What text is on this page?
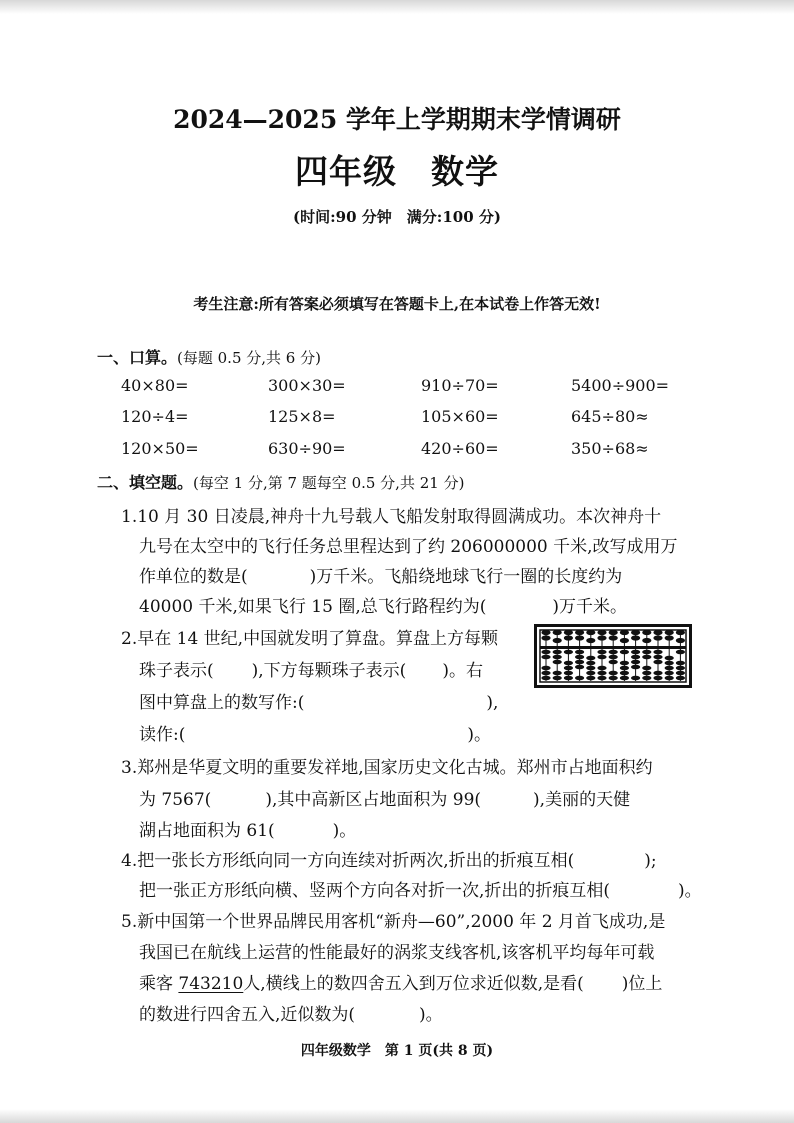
2024—2025 学年上学期期末学情调研
四年级 数学
(时间:90 分钟　满分:100 分)
考生注意:所有答案必须填写在答题卡上,在本试卷上作答无效!
一、口算。(每题 0.5 分,共 6 分)
40×80=	300×30=	910÷70=	5400÷900=
120÷4=	125×8=	105×60=	645÷80≈
120×50=	630÷90=	420÷60=	350÷68≈
二、填空题。(每空 1 分,第 7 题每空 0.5 分,共 21 分)
1.10 月 30 日凌晨,神舟十九号载人飞船发射取得圆满成功。本次神舟十
九号在太空中的飞行任务总里程达到了约 206000000 千米,改写成用万
作单位的数是(	)万千米。飞船绕地球飞行一圈的长度约为
40000 千米,如果飞行 15 圈,总飞行路程约为(	)万千米。
2.早在 14 世纪,中国就发明了算盘。算盘上方每颗
珠子表示( ),下方每颗珠子表示( )。右
图中算盘上的数写作:(	),
读作:(	)。
3.郑州是华夏文明的重要发祥地,国家历史文化古城。郑州市占地面积约
为 7567(	),其中高新区占地面积为 99(	),美丽的天健
湖占地面积为 61(	)。
4.把一张长方形纸向同一方向连续对折两次,折出的折痕互相(	);
把一张正方形纸向横、竖两个方向各对折一次,折出的折痕互相(	)。
5.新中国第一个世界品牌民用客机“新舟—60”,2000 年 2 月首飞成功,是
我国已在航线上运营的性能最好的涡浆支线客机,该客机平均每年可载
乘客 743210人,横线上的数四舍五入到万位求近似数,是看( )位上
的数进行四舍五入,近似数为(	)。
四年级数学　第 1 页(共 8 页)
